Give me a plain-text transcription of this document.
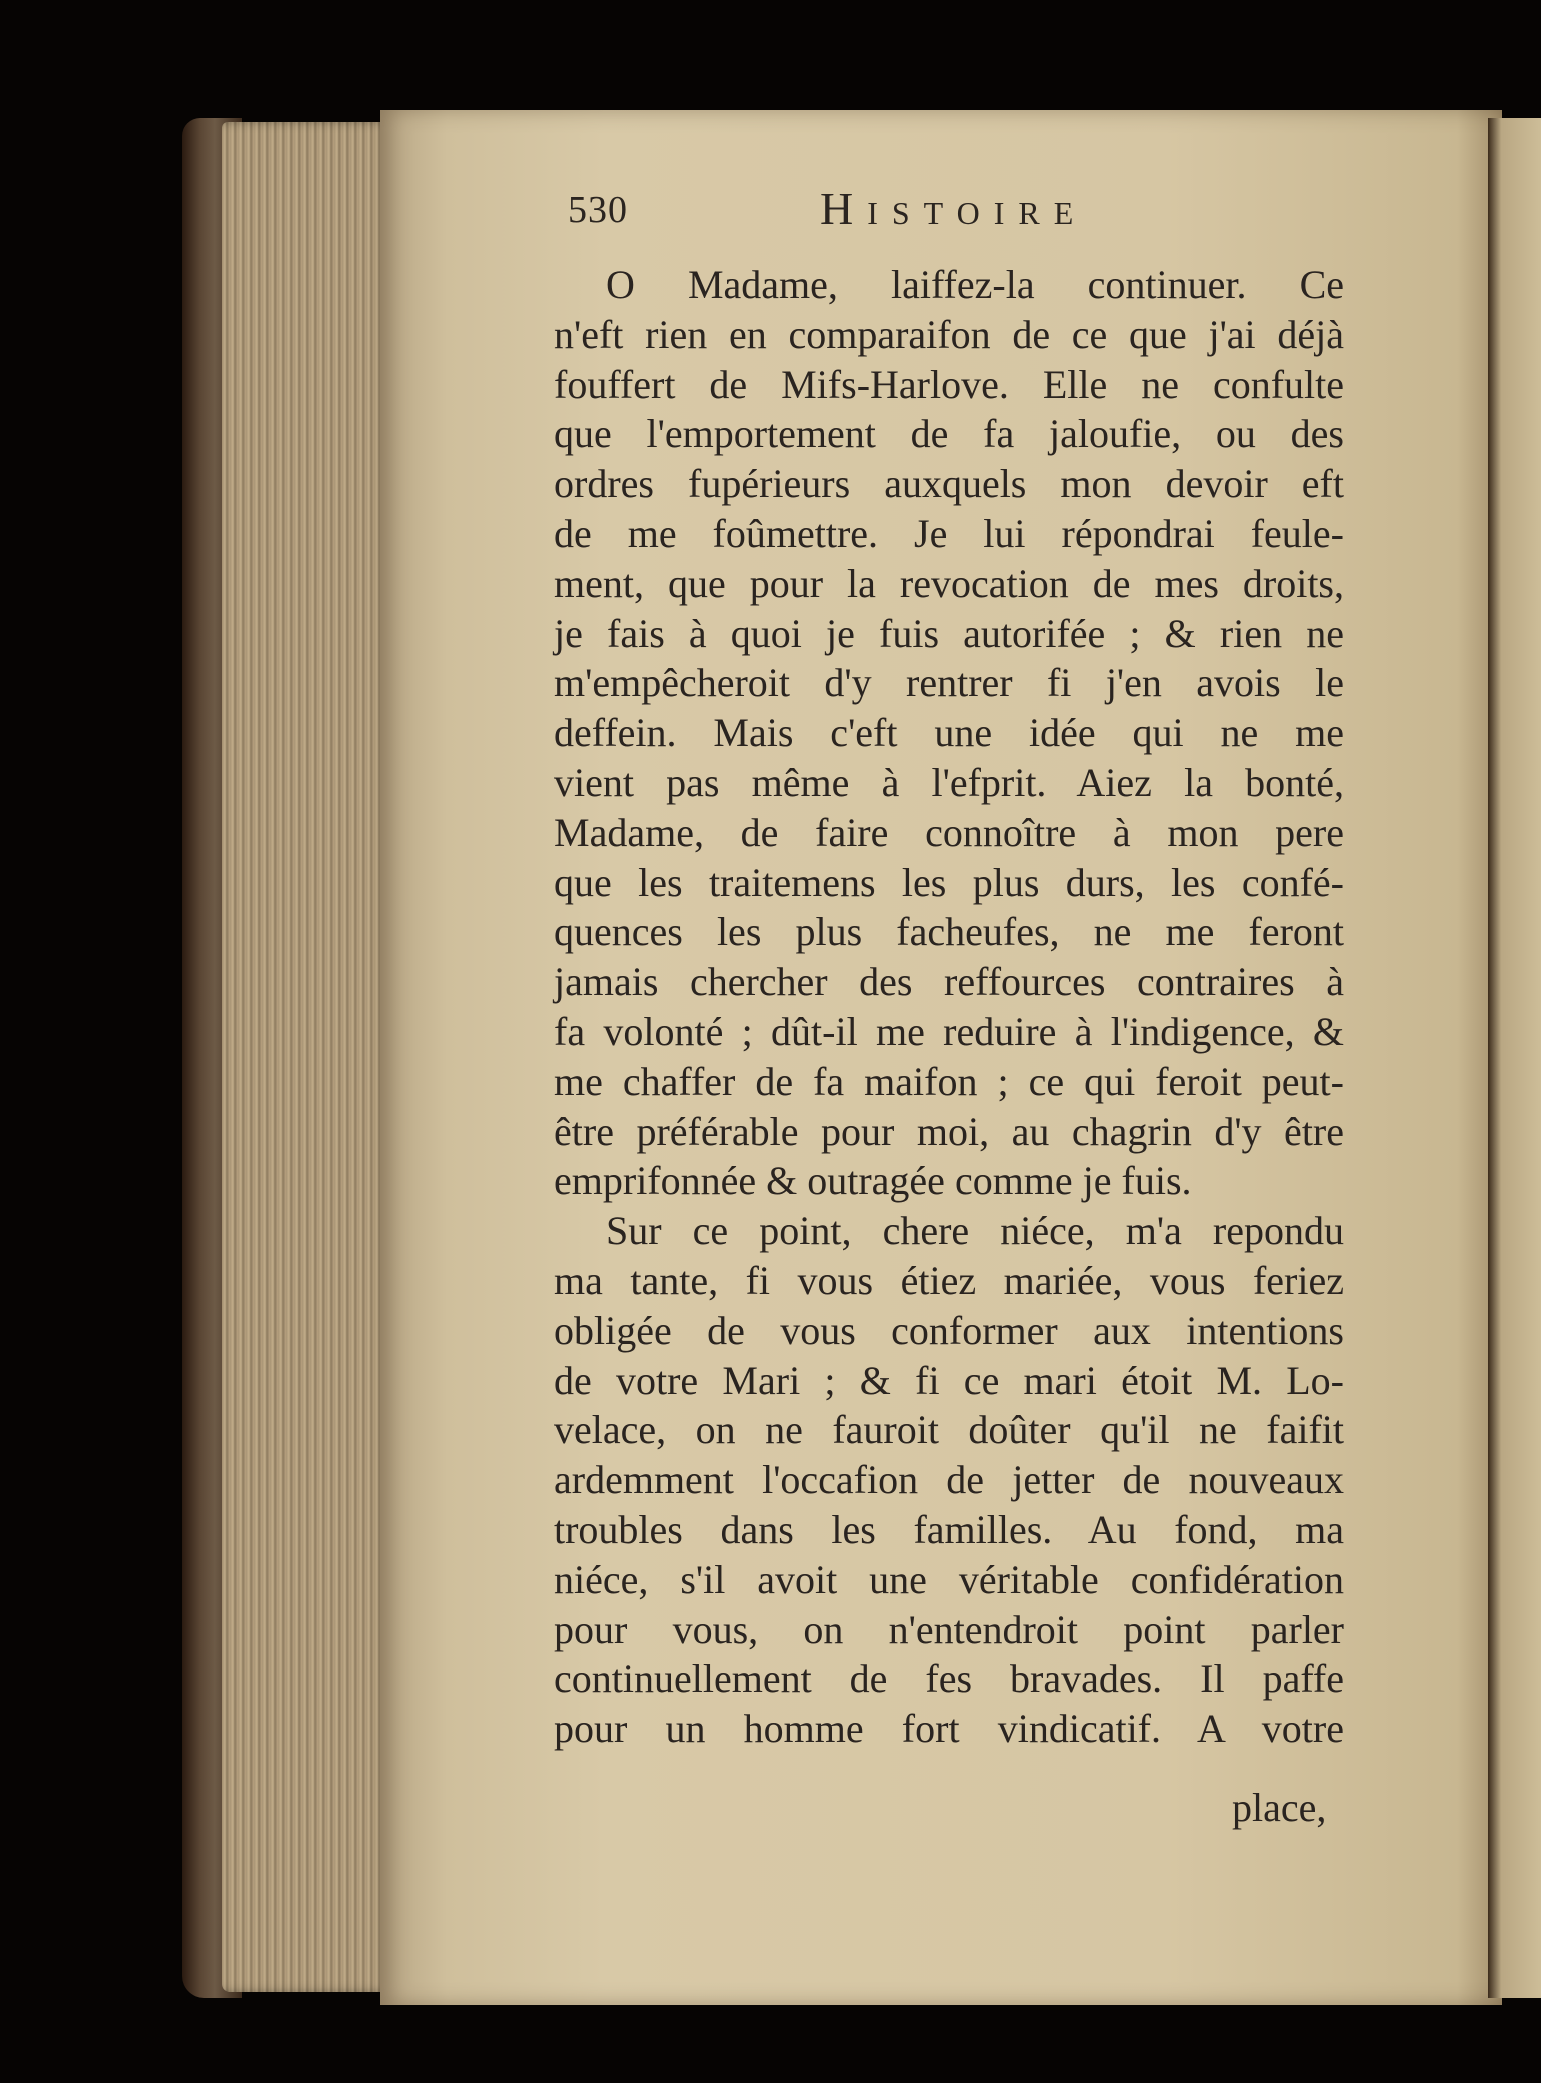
530	Histoire
O Madame, laiffez-la continuer. Ce
n'eft rien en comparaifon de ce que j'ai déjà
fouffert de Mifs-Harlove. Elle ne confulte
que l'emportement de fa jaloufie, ou des
ordres fupérieurs auxquels mon devoir eft
de me foûmettre. Je lui répondrai feule-
ment, que pour la revocation de mes droits,
je fais à quoi je fuis autorifée ; & rien ne
m'empêcheroit d'y rentrer fi j'en avois le
deffein. Mais c'eft une idée qui ne me
vient pas même à l'efprit. Aiez la bonté,
Madame, de faire connoître à mon pere
que les traitemens les plus durs, les confé-
quences les plus facheufes, ne me feront
jamais chercher des reffources contraires à
fa volonté ; dût-il me reduire à l'indigence, &
me chaffer de fa maifon ; ce qui feroit peut-
être préférable pour moi, au chagrin d'y être
emprifonnée & outragée comme je fuis.
Sur ce point, chere niéce, m'a repondu
ma tante, fi vous étiez mariée, vous feriez
obligée de vous conformer aux intentions
de votre Mari ; & fi ce mari étoit M. Lo-
velace, on ne fauroit doûter qu'il ne faifit
ardemment l'occafion de jetter de nouveaux
troubles dans les familles. Au fond, ma
niéce, s'il avoit une véritable confidération
pour vous, on n'entendroit point parler
continuellement de fes bravades. Il paffe
pour un homme fort vindicatif. A votre
place,
